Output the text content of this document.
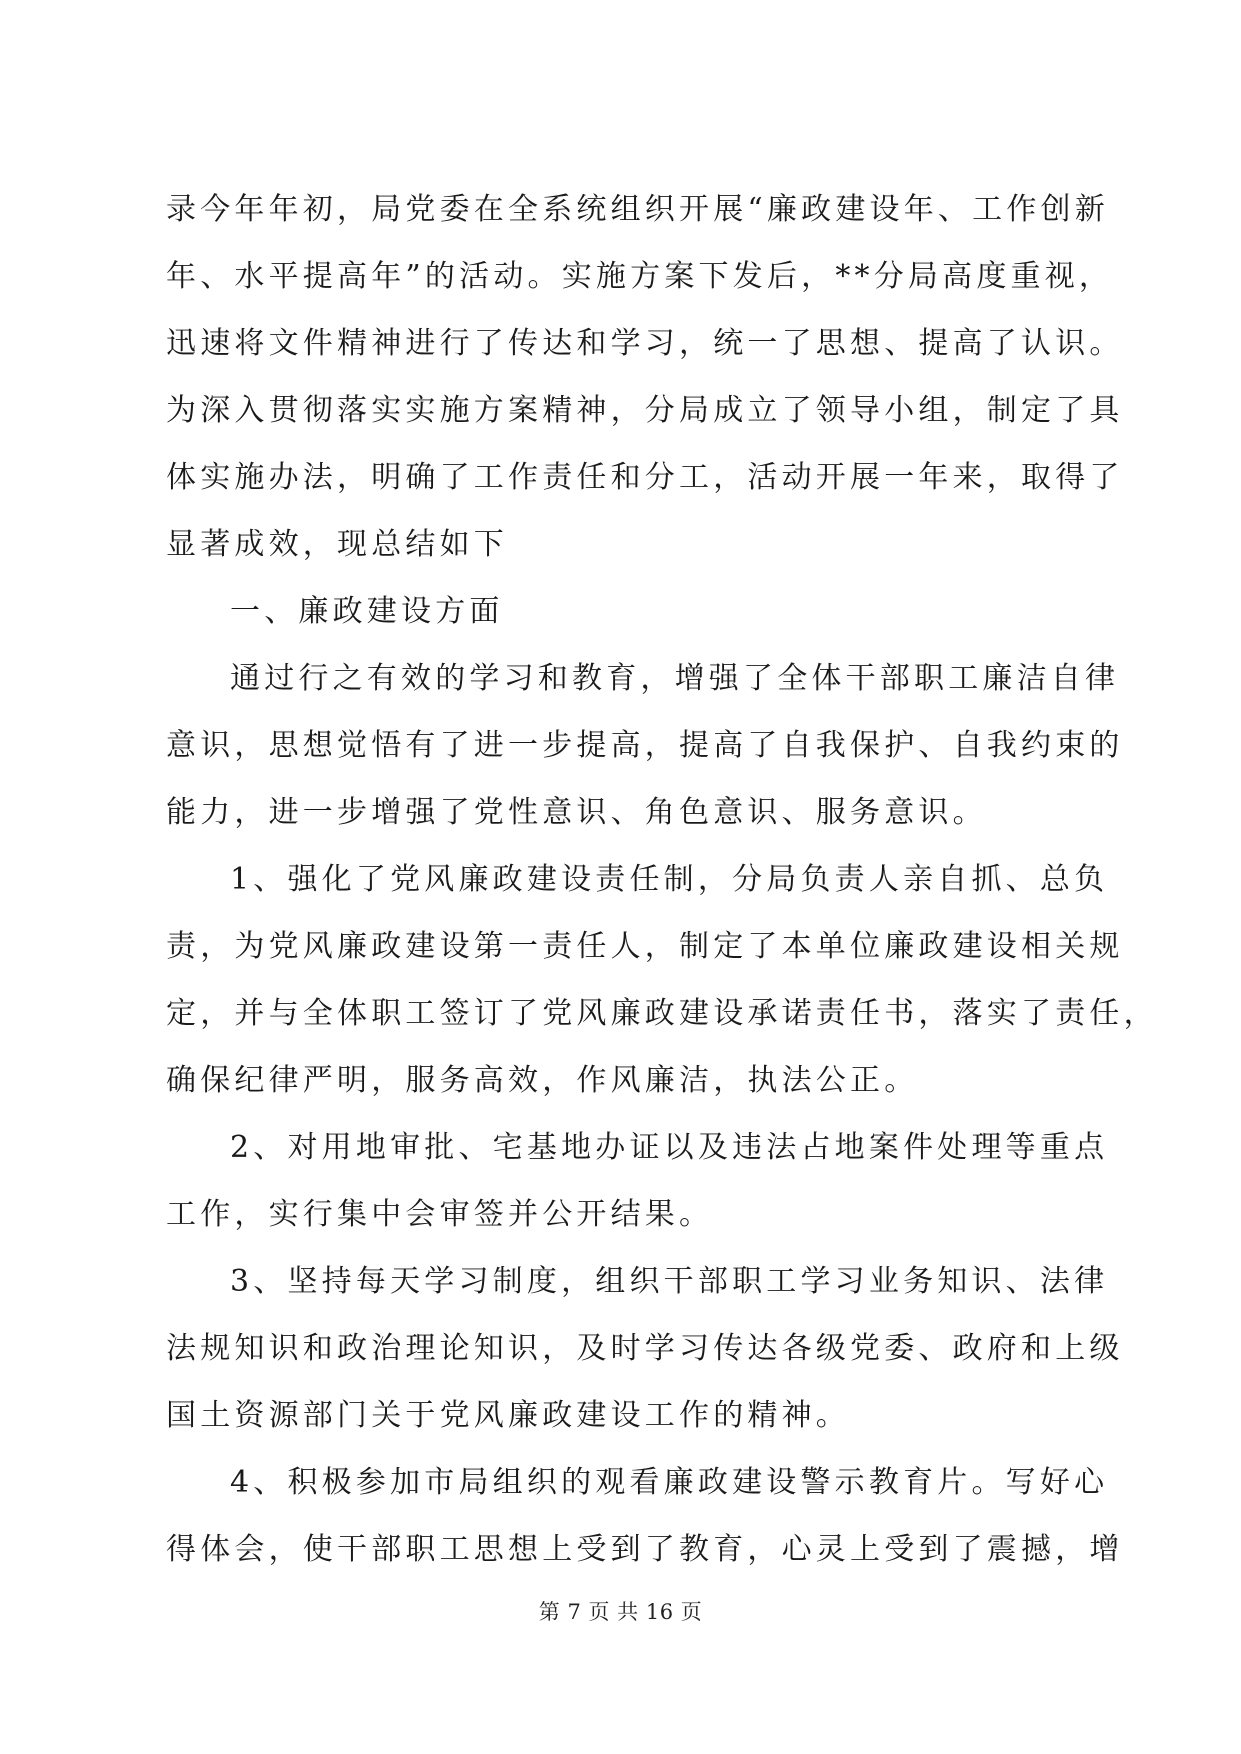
录今年年初，局党委在全系统组织开展“廉政建设年、工作创新
年、水平提高年”的活动。实施方案下发后，**分局高度重视，
迅速将文件精神进行了传达和学习，统一了思想、提高了认识。
为深入贯彻落实实施方案精神，分局成立了领导小组，制定了具
体实施办法，明确了工作责任和分工，活动开展一年来，取得了
显著成效，现总结如下
一、廉政建设方面
通过行之有效的学习和教育，增强了全体干部职工廉洁自律
意识，思想觉悟有了进一步提高，提高了自我保护、自我约束的
能力，进一步增强了党性意识、角色意识、服务意识。
1、强化了党风廉政建设责任制，分局负责人亲自抓、总负
责，为党风廉政建设第一责任人，制定了本单位廉政建设相关规
定，并与全体职工签订了党风廉政建设承诺责任书，落实了责任，
确保纪律严明，服务高效，作风廉洁，执法公正。
2、对用地审批、宅基地办证以及违法占地案件处理等重点
工作，实行集中会审签并公开结果。
3、坚持每天学习制度，组织干部职工学习业务知识、法律
法规知识和政治理论知识，及时学习传达各级党委、政府和上级
国土资源部门关于党风廉政建设工作的精神。
4、积极参加市局组织的观看廉政建设警示教育片。写好心
得体会，使干部职工思想上受到了教育，心灵上受到了震撼，增
第 7 页 共 16 页
